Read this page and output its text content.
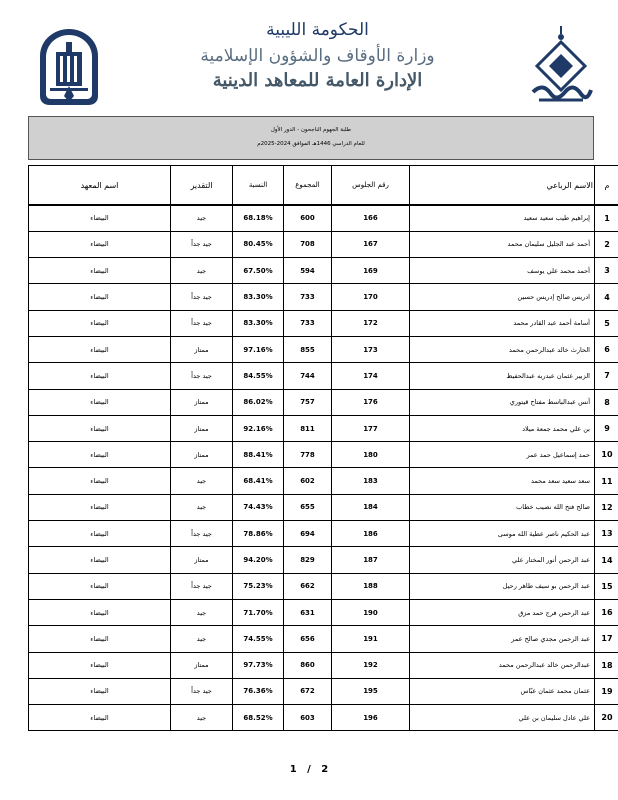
الحكومة الليبية
وزارة الأوقاف والشؤون الإسلامية
الإدارة العامة للمعاهد الدينية
طلبة الجهوم الناجحون - الدور الأول
للعام الدراسي 1446هـ الموافق 2024-2025م
م	الاسم الرباعي	رقم الجلوس	المجموع	النسبة	التقدير	اسم المعهد
1	إبراهيم طيب سعيد سعيد	166	600	68.18%	جيد	البيضاء
2	أحمد عبد الجليل سليمان محمد	167	708	80.45%	جيد جداً	البيضاء
3	أحمد محمد علي يوسف	169	594	67.50%	جيد	البيضاء
4	ادريس صالح إدريس حسين	170	733	83.30%	جيد جداً	البيضاء
5	أسامة أحمد عبد القادر محمد	172	733	83.30%	جيد جداً	البيضاء
6	الحارث خالد عبدالرحمن محمد	173	855	97.16%	ممتاز	البيضاء
7	الزبير عثمان عبدربه عبدالحفيظ	174	744	84.55%	جيد جداً	البيضاء
8	أنس عبدالباسط مفتاح قيتوري	176	757	86.02%	ممتاز	البيضاء
9	بن علي محمد جمعة ميلاد	177	811	92.16%	ممتاز	البيضاء
10	حمد إسماعيل حمد عمر	180	778	88.41%	ممتاز	البيضاء
11	سعد سعيد سعد محمد	183	602	68.41%	جيد	البيضاء
12	صالح فتح الله نصيب خطاب	184	655	74.43%	جيد	البيضاء
13	عبد الحكيم ناصر عطية الله موسى	186	694	78.86%	جيد جداً	البيضاء
14	عبد الرحمن أنور المختار علي	187	829	94.20%	ممتاز	البيضاء
15	عبد الرحمن بو سيف طاهر رحيل	188	662	75.23%	جيد جداً	البيضاء
16	عبد الرحمن فرج حمد مزق	190	631	71.70%	جيد	البيضاء
17	عبد الرحمن مجدي صالح عمر	191	656	74.55%	جيد	البيضاء
18	عبدالرحمن خالد عبدالرحمن محمد	192	860	97.73%	ممتاز	البيضاء
19	عثمان محمد عثمان عبّاس	195	672	76.36%	جيد جداً	البيضاء
20	علي عادل سليمان بن علي	196	603	68.52%	جيد	البيضاء
1 / 2
